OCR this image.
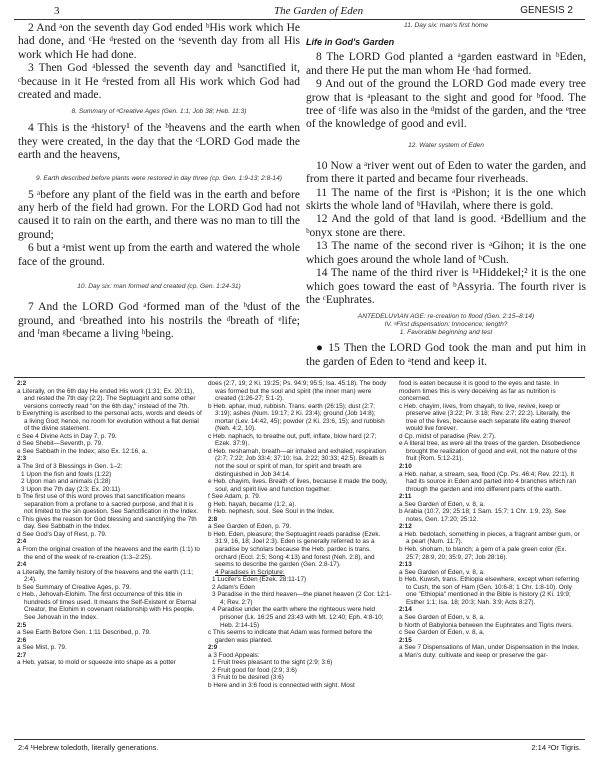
3	The Garden of Eden	GENESIS 2

2 And ᵃon the seventh day God ended ᵇHis work which He had done, and ᶜHe ᵈrested on the ᵉseventh day from all His work which He had done.

3 Then God ᵃblessed the seventh day and ᵇsanctified it, ᶜbecause in it He ᵈrested from all His work which God had created and made.

8. Summary of ᵃCreative Ages (Gen. 1:1; Job 38; Heb. 11:3)

4 This is the ᵃhistory¹ of the ᵇheavens and the earth when they were created, in the day that the ᶜLORD God made the earth and the heavens,

9. Earth described before plants were restored in day three (cp. Gen. 1:9-13; 2:8-14)

5 ᵃbefore any plant of the field was in the earth and before any herb of the field had grown. For the LORD God had not caused it to rain on the earth, and there was no man to till the ground;

6 but a ᵃmist went up from the earth and watered the whole face of the ground.

10. Day six: man formed and created (cp. Gen. 1:24-31)

7 And the LORD God ᵃformed man of the ᵇdust of the ground, and ᶜbreathed into his nostrils the ᵈbreath of ᵉlife; and ᶠman ᵍbecame a living ʰbeing.

11. Day six: man's first home
Life in God's Garden

8 The LORD God planted a ᵃgarden eastward in ᵇEden, and there He put the man whom He ᶜhad formed.

9 And out of the ground the LORD God made every tree grow that is ᵃpleasant to the sight and good for ᵇfood. The tree of ᶜlife was also in the ᵈmidst of the garden, and the ᵉtree of the knowledge of good and evil.

12. Water system of Eden

10 Now a ᵃriver went out of Eden to water the garden, and from there it parted and became four riverheads.

11 The name of the first is ᵃPishon; it is the one which skirts the whole land of ᵇHavilah, where there is gold.

12 And the gold of that land is good. ᵃBdellium and the ᵇonyx stone are there.

13 The name of the second river is ᵃGihon; it is the one which goes around the whole land of ᵇCush.

14 The name of the third river is ¹ᵃHiddekel;² it is the one which goes toward the east of ᵇAssyria. The fourth river is the ᶜEuphrates.

ANTEDELUVIAN AGE: re-creation to flood (Gen. 2:15–8:14)
IV. ᵃFirst dispensation: Innocence; length?
1. Favorable beginning and test

● 15 Then the LORD God took the man and put him in the garden of Eden to ᵃtend and keep it.

2:2
a Literally, on the 6th day He ended His work (1:31; Ex. 20:11), and rested the 7th day (2:2). The Septuagint and some other versions correctly read "on the 6th day," instead of the 7th.
b Everything is ascribed to the personal acts, words and deeds of a living God; hence, no room for evolution without a flat denial of the divine statement.
c See 4 Divine Acts in Day 7, p. 79.
d See Shebit—Seventh, p. 79.
e See Sabbath in the Index; also Ex. 12:16, a.
2:3
a The 3rd of 3 Blessings in Gen. 1–2:
1 Upon the fish and fowls (1:22)
2 Upon man and animals (1:28)
3 Upon the 7th day (2:3; Ex. 20:11)
b The first use of this word proves that sanctification means separation from a profane to a sacred purpose, and that it is not limited to the sin question. See Sanctification in the Index.
c This gives the reason for God blessing and sanctifying the 7th day. See Sabbath in the Index.
d See God's Day of Rest, p. 79.
2:4
a From the original creation of the heavens and the earth (1:1) to the end of the week of re-creation (1:3–2:25).
2:4
a Literally, the family history of the heavens and the earth (1:1; 2:4).
b See Summary of Creative Ages, p. 79.
c Heb., Jehovah-Elohim. The first occurrence of this title in hundreds of times used. It means the Self-Existent or Eternal Creator, the Elohim in covenant relationship with His people. See Jehovah in the Index.
2:5
a See Earth Before Gen. 1:11 Described, p. 79.
2:6
a See Mist, p. 79.
2:7
a Heb. yatsar, to mold or squeeze into shape as a potter
does (2:7, 19; 2 Ki. 19:25; Ps. 94:9; 95:5; Isa. 45:18). The body was formed but the soul and spirit (the inner man) were created (1:26-27; 5:1-2).
b Heb. aphar, mud, rubbish. Trans. earth (26:15); dust (2:7; 3:19); ashes (Num. 19:17; 2 Ki. 23:4); ground (Job 14:8); mortar (Lev. 14:42, 45); powder (2 Ki. 23:6, 15); and rubbish (Neh. 4:2, 10).
c Heb. naphach, to breathe out, puff, inflate, blow hard (2:7; Ezek. 37:9).
d Heb. neshamah, breath—air inhaled and exhaled, respiration (2:7; 7:22; Job 33:4; 37:10; Isa. 2:22; 30:33; 42:5). Breath is not the soul or spirit of man, for spirit and breath are distinguished in Job 34:14.
e Heb. chayim, lives. Breath of lives, because it made the body, soul, and spirit live and function together.
f See Adam, p. 79.
g Heb. hayah, became (1:2, a).
h Heb. nephesh, soul. See Soul in the Index.
2:8
a See Garden of Eden, p. 79.
b Heb. Eden, pleasure; the Septuagint reads paradise (Ezek. 31:9, 16, 18; Joel 2:3). Eden is generally referred to as a paradise by scholars because the Heb. pardec is trans. orchard (Eccl. 2:5; Song 4:13) and forest (Neh. 2:8), and seems to describe the garden (Gen. 2:8-17).
4 Paradises in Scripture:
1 Lucifer's Eden (Ezek. 28:11-17)
2 Adam's Eden
3 Paradise in the third heaven—the planet heaven (2 Cor. 12:1-4; Rev. 2:7)
4 Paradise under the earth where the righteous were held prisoner (Lk. 16:25 and 23:43 with Mt. 12:40; Eph. 4:8-10; Heb. 2:14-15)
c This seems to indicate that Adam was formed before the garden was planted.
2:9
a 3 Food Appeals:
1 Fruit trees pleasant to the sight (2:9; 3:6)
2 Fruit good for food (2:9; 3:6)
3 Fruit to be desired (3:6)
b Here and in 3:6 food is connected with sight. Most
food is eaten because it is good to the eyes and taste. In modern times this is very deceiving as far as nutrition is concerned.
c Heb. chayim, lives, from chayah, to live, revive, keep or preserve alive (3:22; Pr. 3:18; Rev. 2:7; 22:2). Literally, the tree of the lives, because each separate life eating thereof would live forever.
d Cp. midst of paradise (Rev. 2:7).
e A literal tree, as were all the trees of the garden. Disobedience brought the realization of good and evil, not the nature of the fruit (Rom. 5:12-21).
2:10
a Heb. nahar, a stream, sea, flood (Cp. Ps. 46:4; Rev. 22:1). It had its source in Eden and parted into 4 branches which ran through the garden and into different parts of the earth.
2:11
a See Garden of Eden, v. 8, a.
b Arabia (10:7, 29; 25:18; 1 Sam. 15:7; 1 Chr. 1:9, 23). See notes, Gen. 17:20; 25:12.
2:12
a Heb. bedolach, something in pieces, a fragrant amber gum, or a pearl (Num. 11:7).
b Heb. shoham, to blanch; a gem of a pale green color (Ex. 25:7; 28:9, 20; 35:9, 27; Job 28:16).
2:13
a See Garden of Eden, v. 8, a.
b Heb. Kuwsh, trans. Ethiopia elsewhere, except when referring to Cush, the son of Ham (Gen. 10:6-8; 1 Chr. 1:8-10). Only one "Ethiopia" mentioned in the Bible is history (2 Ki. 19:9; Esther 1:1; Isa. 18; 20:3; Nah. 3:9; Acts 8:27).
2:14
a See Garden of Eden, v. 8, a.
b North of Babylonia between the Euphrates and Tigris rivers.
c See Garden of Eden, v. 8, a.
2:15
a See 7 Dispensations of Man, under Dispensation in the Index.
a Man's duty: cultivate and keep or preserve the gar-
2:4 ¹Hebrew toledoth, literally generations.	2:14 ²Or Tigris.
